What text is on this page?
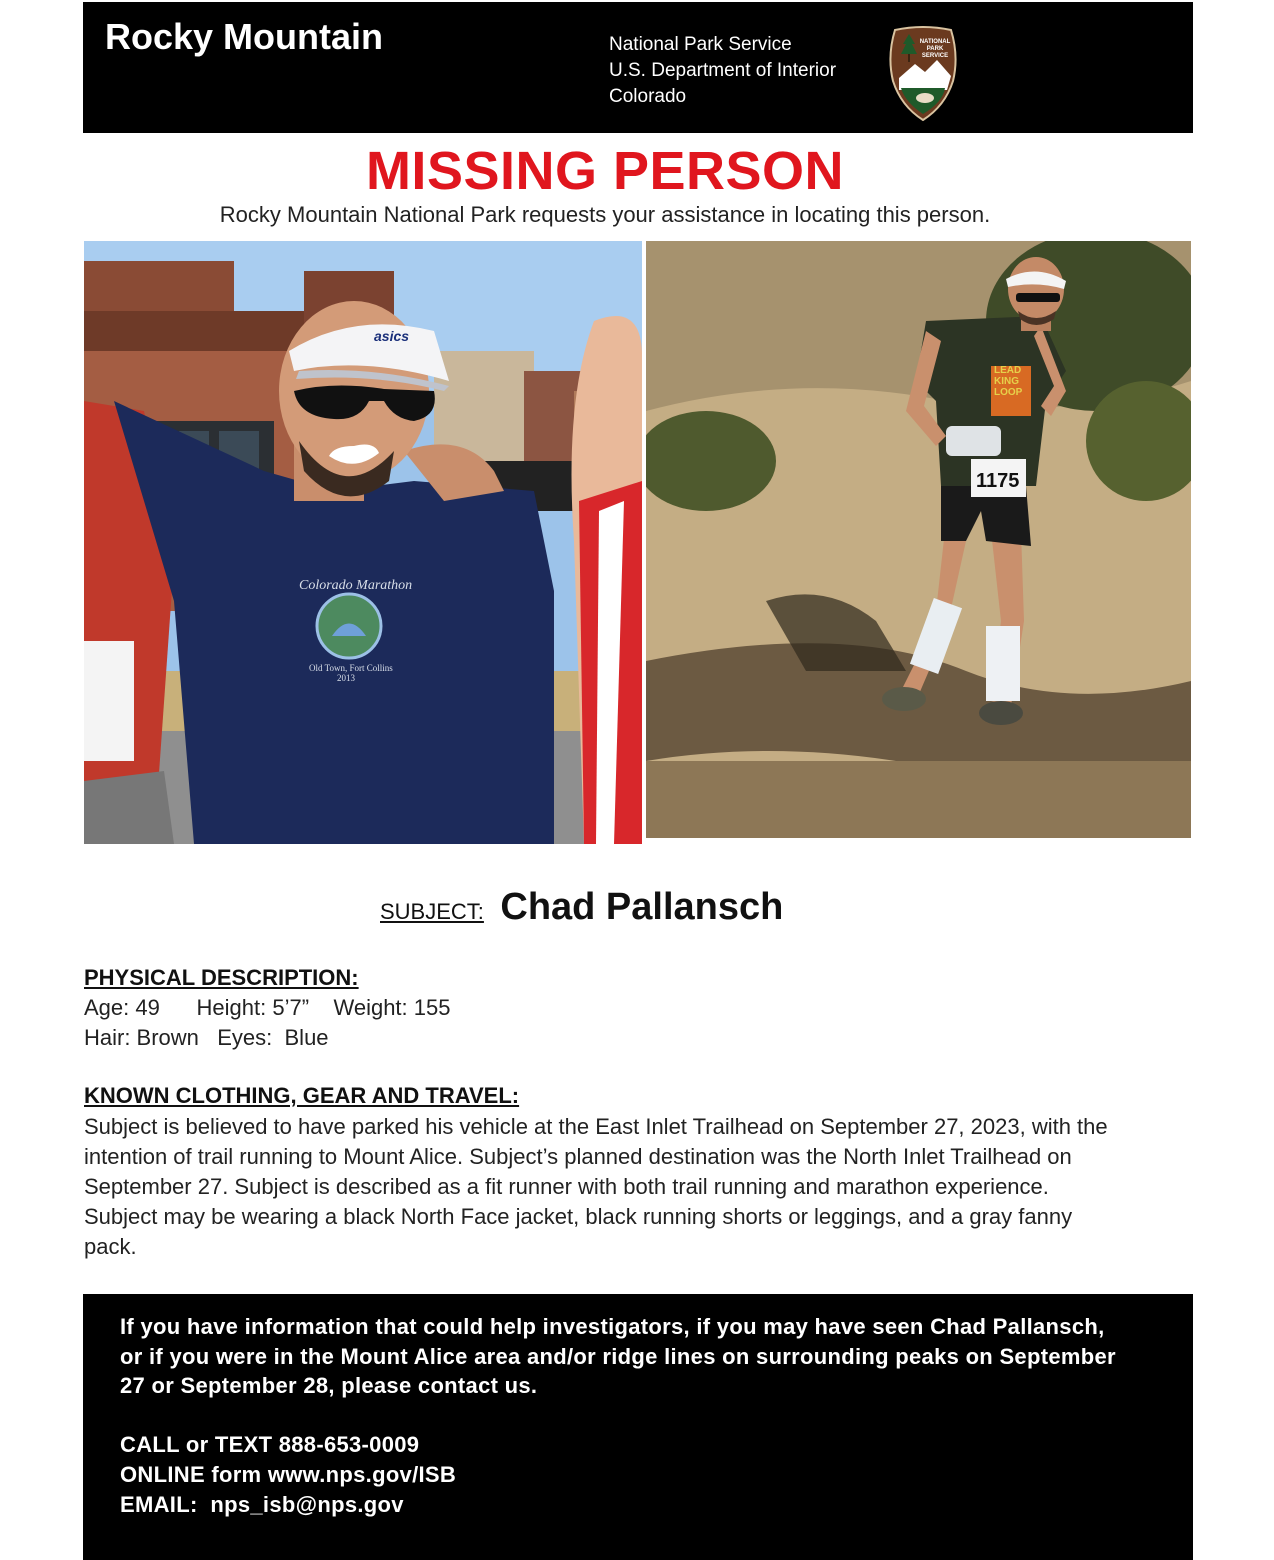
Rocky Mountain	National Park Service
U.S. Department of Interior
Colorado
NATIONAL
PARK
SERVICE
MISSING PERSON
Rocky Mountain National Park requests your assistance in locating this person.
asics
Colorado Marathon
Old Town, Fort Collins
2013
LEAD
KING
LOOP
1175
SUBJECT: Chad Pallansch
PHYSICAL DESCRIPTION:
Age: 49      Height: 5’7”    Weight: 155
Hair: Brown   Eyes:  Blue
KNOWN CLOTHING, GEAR AND TRAVEL:
Subject is believed to have parked his vehicle at the East Inlet Trailhead on September 27, 2023, with the intention of trail running to Mount Alice. Subject’s planned destination was the North Inlet Trailhead on September 27. Subject is described as a fit runner with both trail running and marathon experience. Subject may be wearing a black North Face jacket, black running shorts or leggings, and a gray fanny pack.
If you have information that could help investigators, if you may have seen Chad Pallansch, or if you were in the Mount Alice area and/or ridge lines on surrounding peaks on September 27 or September 28, please contact us.
CALL or TEXT 888-653-0009
ONLINE form www.nps.gov/ISB
EMAIL:  nps_isb@nps.gov
